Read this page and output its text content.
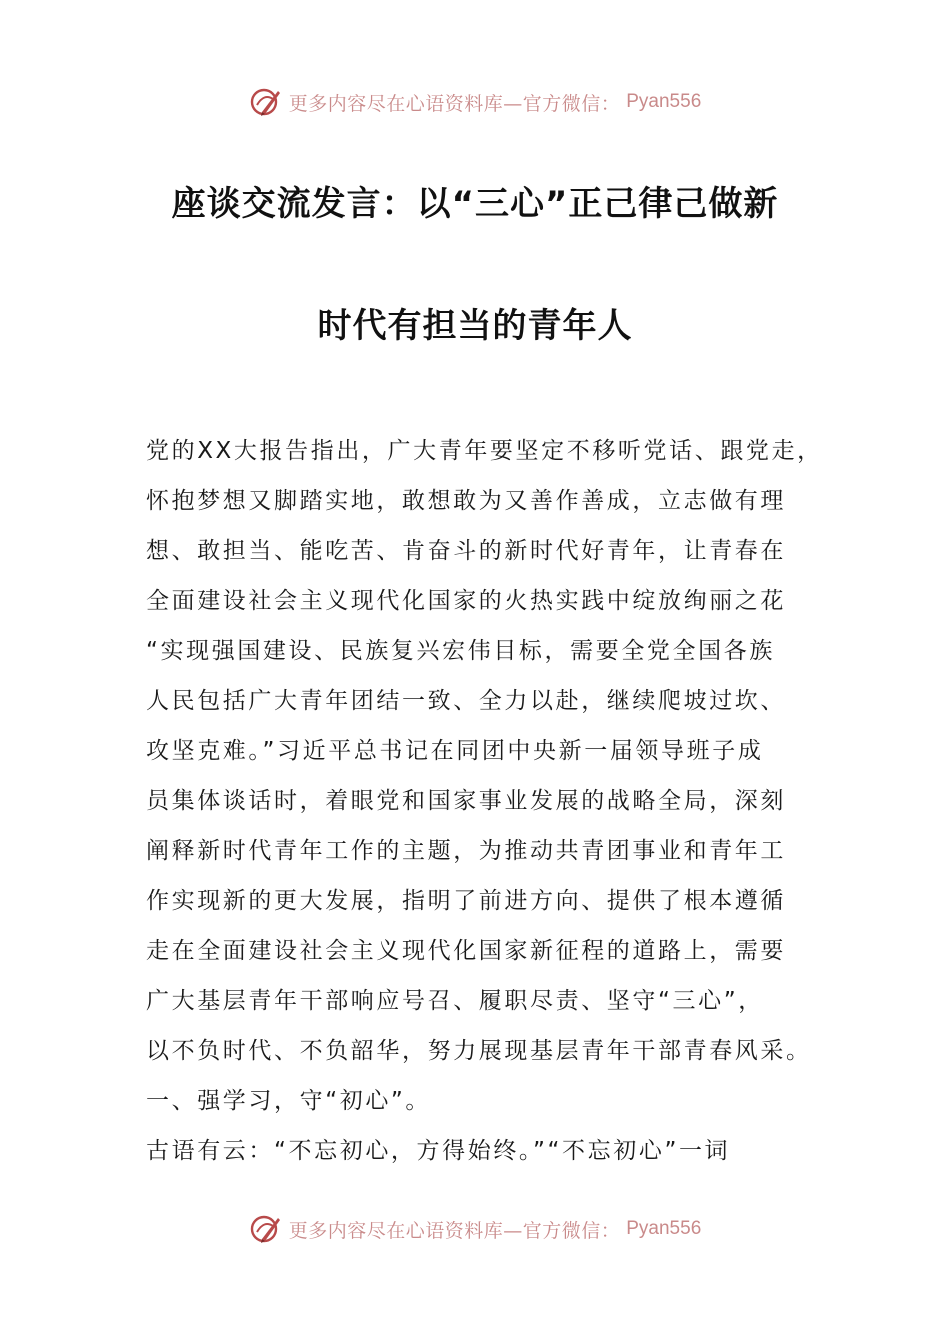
更多内容尽在心语资料库—官方微信： Pyan556
座谈交流发言：以“三心”正己律己做新
时代有担当的青年人
党的XX大报告指出，广大青年要坚定不移听党话、跟党走，
怀抱梦想又脚踏实地，敢想敢为又善作善成，立志做有理
想、敢担当、能吃苦、肯奋斗的新时代好青年，让青春在
全面建设社会主义现代化国家的火热实践中绽放绚丽之花
“实现强国建设、民族复兴宏伟目标，需要全党全国各族
人民包括广大青年团结一致、全力以赴，继续爬坡过坎、
攻坚克难。”习近平总书记在同团中央新一届领导班子成
员集体谈话时，着眼党和国家事业发展的战略全局，深刻
阐释新时代青年工作的主题，为推动共青团事业和青年工
作实现新的更大发展，指明了前进方向、提供了根本遵循
走在全面建设社会主义现代化国家新征程的道路上，需要
广大基层青年干部响应号召、履职尽责、坚守“三心”，
以不负时代、不负韶华，努力展现基层青年干部青春风采。
一、强学习，守“初心”。
古语有云：“不忘初心，方得始终。”“不忘初心”一词
更多内容尽在心语资料库—官方微信： Pyan556
